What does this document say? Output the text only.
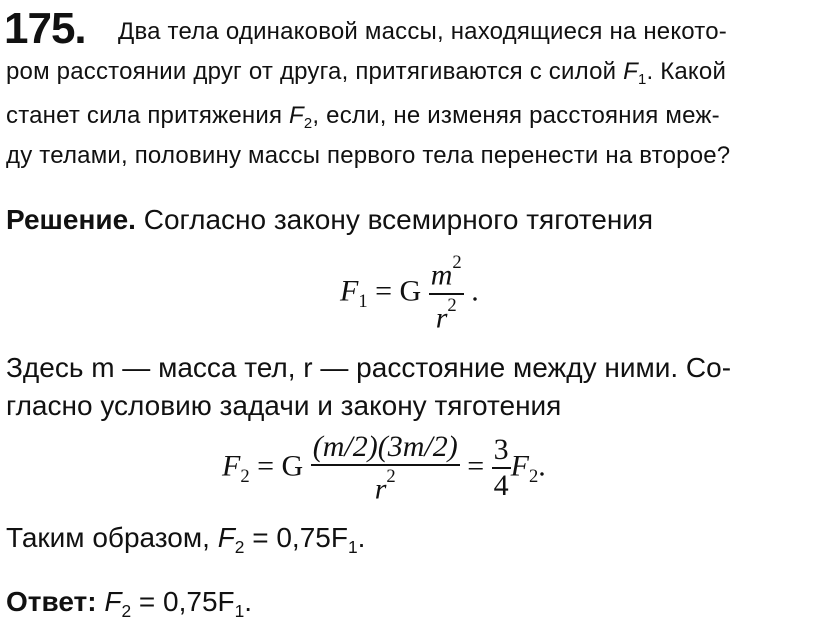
175. Два тела одинаковой массы, находящиеся на некото-
ром расстоянии друг от друга, притягиваются с силой $F_1$. Какой
станет сила притяжения $F_2$, если, не изменяя расстояния меж-
ду телами, половину массы первого тела перенести на второе?
Решение. Согласно закону всемирного тяготения
$F_1 = G \frac{m^2}{r^2}$ .
Здесь m — масса тел, r — расстояние между ними. Со-
гласно условию задачи и закону тяготения
$F_2 = G \frac{(m/2)(3m/2)}{r^2} = \frac{3}{4} F_2$.
Таким образом, $F_2 = 0,75F_1$.
Ответ: $F_2 = 0,75F_1$.
